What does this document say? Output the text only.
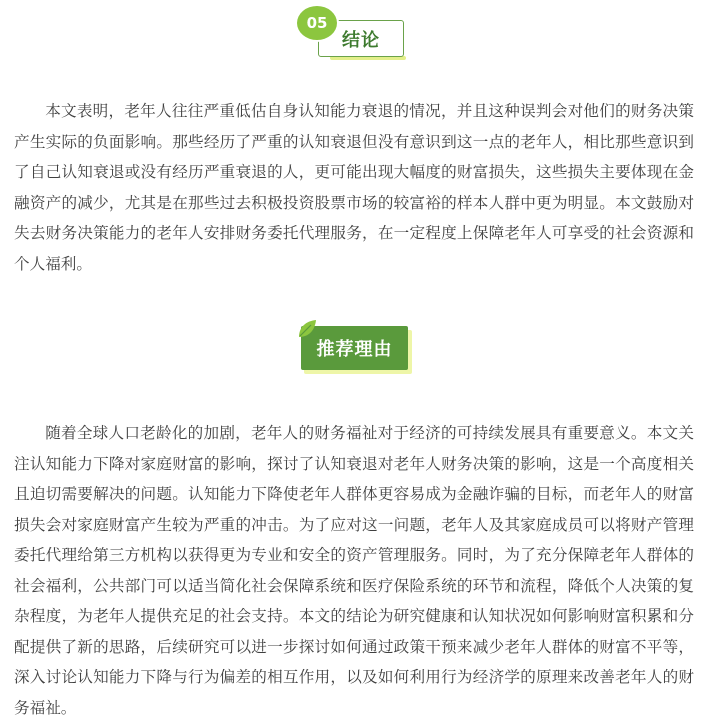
结论
05

本文表明，老年人往往严重低估自身认知能力衰退的情况，并且这种误判会对他们的财务决策产生实际的负面影响。那些经历了严重的认知衰退但没有意识到这一点的老年人，相比那些意识到了自己认知衰退或没有经历严重衰退的人，更可能出现大幅度的财富损失，这些损失主要体现在金融资产的减少，尤其是在那些过去积极投资股票市场的较富裕的样本人群中更为明显。本文鼓励对失去财务决策能力的老年人安排财务委托代理服务，在一定程度上保障老年人可享受的社会资源和个人福利。

推荐理由

随着全球人口老龄化的加剧，老年人的财务福祉对于经济的可持续发展具有重要意义。本文关注认知能力下降对家庭财富的影响，探讨了认知衰退对老年人财务决策的影响，这是一个高度相关且迫切需要解决的问题。认知能力下降使老年人群体更容易成为金融诈骗的目标，而老年人的财富损失会对家庭财富产生较为严重的冲击。为了应对这一问题，老年人及其家庭成员可以将财产管理委托代理给第三方机构以获得更为专业和安全的资产管理服务。同时，为了充分保障老年人群体的社会福利，公共部门可以适当简化社会保障系统和医疗保险系统的环节和流程，降低个人决策的复杂程度，为老年人提供充足的社会支持。本文的结论为研究健康和认知状况如何影响财富积累和分配提供了新的思路，后续研究可以进一步探讨如何通过政策干预来减少老年人群体的财富不平等，深入讨论认知能力下降与行为偏差的相互作用，以及如何利用行为经济学的原理来改善老年人的财务福祉。
